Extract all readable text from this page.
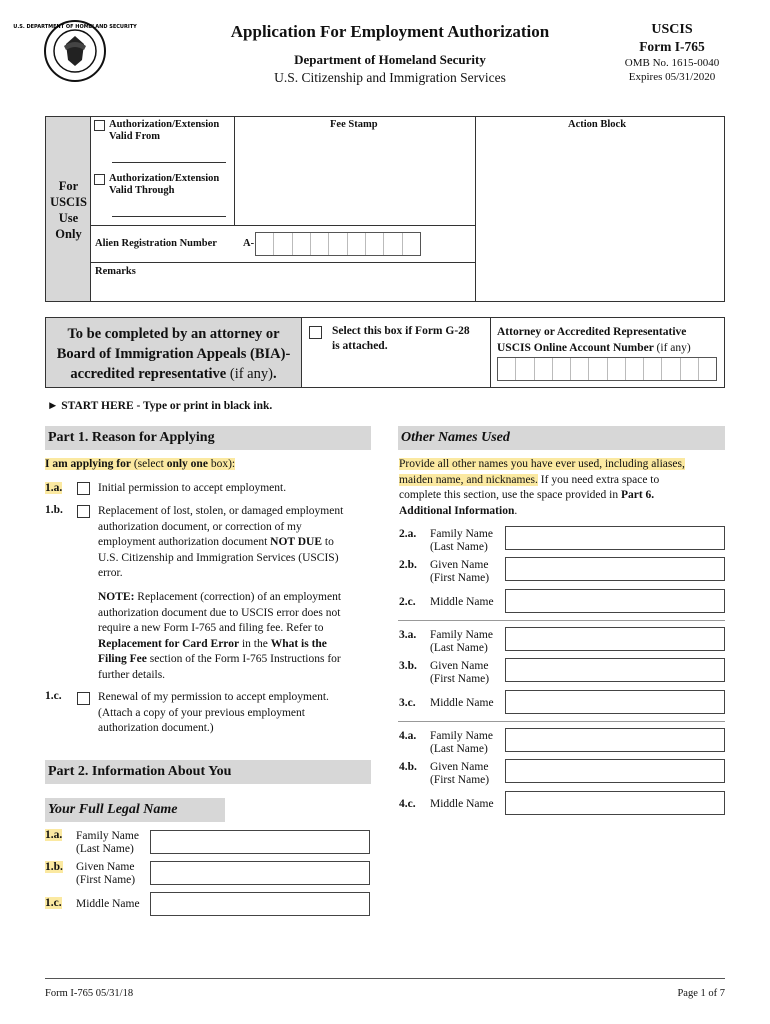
U.S. DEPARTMENT OF HOMELAND SECURITY	Application For Employment Authorization
Department of Homeland Security
U.S. Citizenship and Immigration Services
USCIS
Form I-765
OMB No. 1615-0040
Expires 05/31/2020
For
USCIS
Use
Only
Authorization/Extension
Valid From
Authorization/Extension
Valid Through
Fee Stamp	Action Block
Alien Registration Number A-
Remarks
To be completed by an attorney or
Board of Immigration Appeals (BIA)-
accredited representative (if any).
Select this box if Form G-28
is attached.
Attorney or Accredited Representative
USCIS Online Account Number (if any)
► START HERE - Type or print in black ink.
Part 1. Reason for Applying
I am applying for (select only one box):
1.a.	Initial permission to accept employment.
1.b.	Replacement of lost, stolen, or damaged employment
authorization document, or correction of my
employment authorization document NOT DUE to
U.S. Citizenship and Immigration Services (USCIS)
error.
NOTE: Replacement (correction) of an employment
authorization document due to USCIS error does not
require a new Form I-765 and filing fee. Refer to
Replacement for Card Error in the What is the
Filing Fee section of the Form I-765 Instructions for
further details.
1.c.	Renewal of my permission to accept employment.
(Attach a copy of your previous employment
authorization document.)
Part 2. Information About You
Your Full Legal Name
1.a. Family Name
(Last Name)
1.b. Given Name
(First Name)
1.c. Middle Name
Other Names Used
Provide all other names you have ever used, including aliases,
maiden name, and nicknames. If you need extra space to
complete this section, use the space provided in Part 6.
Additional Information.
2.a. Family Name
(Last Name)
2.b. Given Name
(First Name)
2.c. Middle Name
3.a. Family Name
(Last Name)
3.b. Given Name
(First Name)
3.c. Middle Name
4.a. Family Name
(Last Name)
4.b. Given Name
(First Name)
4.c. Middle Name
Form I-765 05/31/18	Page 1 of 7
